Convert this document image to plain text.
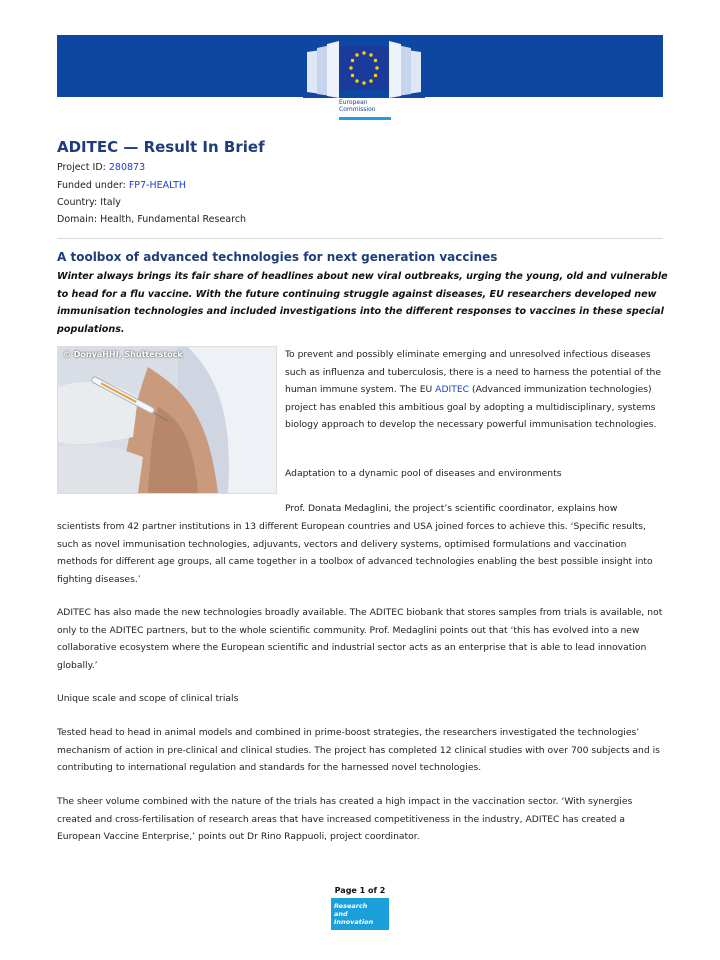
European
Commission
ADITEC — Result In Brief
Project ID: 280873
Funded under: FP7-HEALTH
Country: Italy
Domain: Health, Fundamental Research
A toolbox of advanced technologies for next generation vaccines
Winter always brings its fair share of headlines about new viral outbreaks, urging the young, old and vulnerable to head for a flu vaccine. With the future continuing struggle against diseases, EU researchers developed new immunisation technologies and included investigations into the different responses to vaccines in these special populations.
© DonyaHHI, Shutterstock	To prevent and possibly eliminate emerging and unresolved infectious diseases such as influenza and tuberculosis, there is a need to harness the potential of the human immune system. The EU ADITEC (Advanced immunization technologies) project has enabled this ambitious goal by adopting a multidisciplinary, systems biology approach to develop the necessary powerful immunisation technologies.

Adaptation to a dynamic pool of diseases and environments

Prof. Donata Medaglini, the project’s scientific coordinator, explains how

scientists from 42 partner institutions in 13 different European countries and USA joined forces to achieve this. ‘Specific results, such as novel immunisation technologies, adjuvants, vectors and delivery systems, optimised formulations and vaccination methods for different age groups, all came together in a toolbox of advanced technologies enabling the best possible insight into fighting diseases.’

ADITEC has also made the new technologies broadly available. The ADITEC biobank that stores samples from trials is available, not only to the ADITEC partners, but to the whole scientific community. Prof. Medaglini points out that ‘this has evolved into a new collaborative ecosystem where the European scientific and industrial sector acts as an enterprise that is able to lead innovation globally.’

Unique scale and scope of clinical trials

Tested head to head in animal models and combined in prime-boost strategies, the researchers investigated the technologies’ mechanism of action in pre-clinical and clinical studies. The project has completed 12 clinical studies with over 700 subjects and is contributing to international regulation and standards for the harnessed novel technologies.

The sheer volume combined with the nature of the trials has created a high impact in the vaccination sector. ‘With synergies created and cross-fertilisation of research areas that have increased competitiveness in the industry, ADITEC has created a European Vaccine Enterprise,’ points out Dr Rino Rappuoli, project coordinator.

Page 1 of 2
Research
and Innovation
